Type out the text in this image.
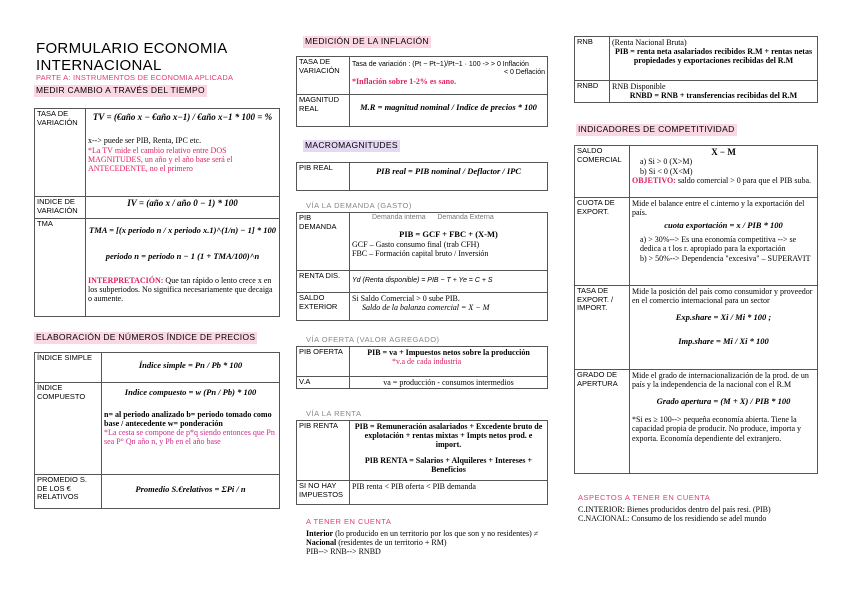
FORMULARIO ECONOMIA
INTERNACIONAL
PARTE A: INSTRUMENTOS DE ECONOMIA APLICADA
MEDIR CAMBIO A TRAVÉS DEL TIEMPO
TASA DE VARIACIÓN	TV = (€año x − €año x−1) / €año x−1 * 100 = %
x--> puede ser PIB, Renta, IPC etc.
*La TV mide el cambio relativo entre DOS MAGNITUDES, un año y el año base será el ANTECEDENTE, no el primero

INDICE DE VARIACIÓN	IV = (año x / año 0 − 1) * 100
TMA	TMA = [(x periodo n / x periodo x.1)^(1/n) − 1] * 100
periodo n = periodo n − 1 (1 + TMA/100)^n
INTERPRETACIÓN: Que tan rápido o lento crece x en los subperiodos. No significa necesariamente que decaiga o aumente.
ELABORACIÓN DE NÚMEROS ÍNDICE DE PRECIOS
ÍNDICE SIMPLE	Índice simple = Pn / Pb * 100
ÍNDICE COMPUESTO	Indice compuesto = w (Pn / Pb) * 100
n= al periodo analizado b= periodo tomado como base / antecedente w= ponderación
*La cesta se compone de p*q siendo entonces que Pn sea P° Qn año n, y Pb en el año base

PROMEDIO S. DE LOS € RELATIVOS	Promedio S.€relativos = ΣPi / n
MEDICIÓN DE LA INFLACIÓN
TASA DE VARIACIÓN	Tasa de variación : (Pt − Pt−1)/Pt−1 · 100 -> > 0 Inflación
< 0 Deflación
*Inflación sobre 1-2% es sano.

MAGNITUD REAL	M.R = magnitud nominal / Indice de precios * 100
MACROMAGNITUDES
PIB REAL	PIB real = PIB nominal / Deflactor / IPC
VÍA LA DEMANDA (GASTO)
PIB DEMANDA	Demanda interna Demanda Externa
PIB = GCF + FBC + (X-M)
GCF – Gasto consumo final (trab CFH)
FBC – Formación capital bruto / Inversión

RENTA DIS.	Yd (Renta disponible) = PIB − T + Ye = C + S
SALDO EXTERIOR	Si Saldo Comercial > 0 sube PIB.
Saldo de la balanza comercial = X − M
VÍA OFERTA (VALOR AGREGADO)
PIB OFERTA	PIB = va + Impuestos netos sobre la producción
*v.a de cada industria

V.A	va = producción - consumos intermedios
VÍA LA RENTA
PIB RENTA	PIB = Remuneración asalariados + Excedente bruto de explotación + rentas mixtas + Impts netos prod. e import.
PIB RENTA = Salarios + Alquileres + Intereses + Beneficios

SI NO HAY IMPUESTOS	PIB renta < PIB oferta < PIB demanda
A TENER EN CUENTA
Interior (lo producido en un territorio por los que son y no residentes) ≠ Nacional (residentes de un territorio + RM)
PIB--> RNB--> RNBD
RNB	(Renta Nacional Bruta)
PIB = renta neta asalariados recibidos R.M + rentas netas propiedades y exportaciones recibidas del R.M

RNBD	RNB Disponible
RNBD = RNB + transferencias recibidas del R.M
INDICADORES DE COMPETITIVIDAD
SALDO COMERCIAL	X − M
a) Si > 0 (X>M)
b) Si < 0 (X<M)
OBJETIVO: saldo comercial > 0 para que el PIB suba.

CUOTA DE EXPORT.	Mide el balance entre el c.interno y la exportación del país.
cuota exportación = x / PIB * 100
a) > 30%--> Es una economía competitiva --> se dedica a t los r. apropiado para la exportación
b) > 50%--> Dependencia "excesiva" – SUPERAVIT

TASA DE EXPORT. / IMPORT.	Mide la posición del país como consumidor y proveedor en el comercio internacional para un sector
Exp.share = Xi / Mi * 100 ;
Imp.share = Mi / Xi * 100

GRADO DE APERTURA	Mide el grado de internacionalización de la prod. de un país y la independencia de la nacional con el R.M
Grado apertura = (M + X) / PIB * 100
*Si es ≥ 100--> pequeña economía abierta. Tiene la capacidad propia de producir. No produce, importa y exporta. Economía dependiente del extranjero.
ASPECTOS A TENER EN CUENTA
C.INTERIOR: Bienes producidos dentro del país resi. (PIB)
C.NACIONAL: Consumo de los residiendo se adel mundo
